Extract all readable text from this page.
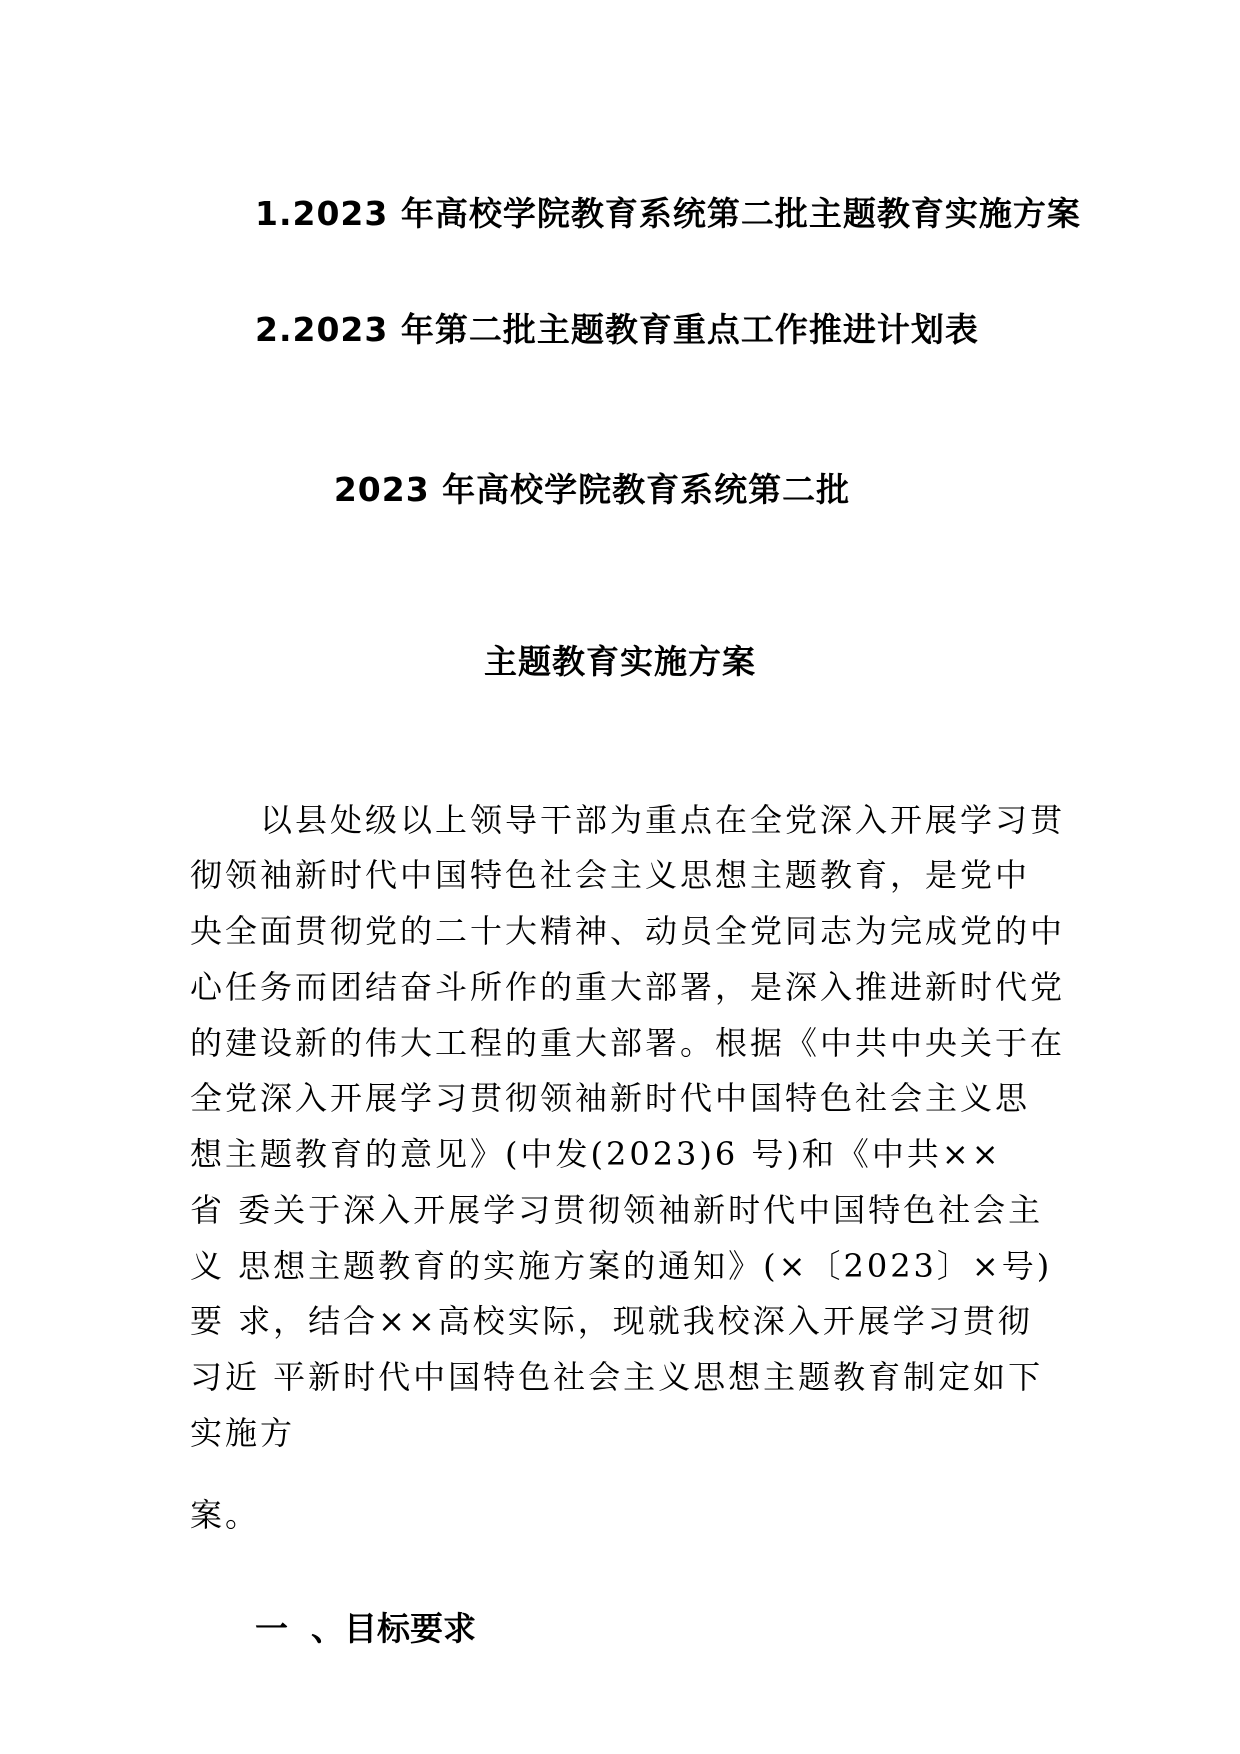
1.2023 年高校学院教育系统第二批主题教育实施方案
2.2023 年第二批主题教育重点工作推进计划表
2023 年高校学院教育系统第二批
主题教育实施方案
　　以县处级以上领导干部为重点在全党深入开展学习贯
彻领袖新时代中国特色社会主义思想主题教育，是党中
央全面贯彻党的二十大精神、动员全党同志为完成党的中
心任务而团结奋斗所作的重大部署，是深入推进新时代党
的建设新的伟大工程的重大部署。根据《中共中央关于在
全党深入开展学习贯彻领袖新时代中国特色社会主义思
想主题教育的意见》(中发(2023)6 号)和《中共××
省 委关于深入开展学习贯彻领袖新时代中国特色社会主
义 思想主题教育的实施方案的通知》(×〔2023〕×号)
要 求，结合××高校实际，现就我校深入开展学习贯彻
习近 平新时代中国特色社会主义思想主题教育制定如下
实施方
案。
一  、目标要求
